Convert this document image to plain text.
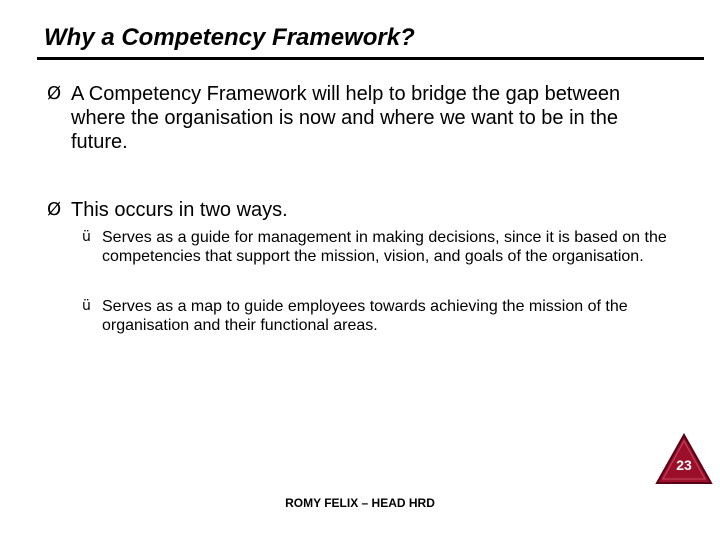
Why a Competency Framework?
Ø A Competency Framework will help to bridge the gap between where the organisation is now and where we want to be in the future.
Ø This occurs in two ways.
ü Serves as a guide for management in making decisions, since it is based on the competencies that support the mission, vision, and goals of the organisation.
ü Serves as a map to guide employees towards achieving the mission of the organisation and their functional areas.
23
ROMY FELIX – HEAD HRD
